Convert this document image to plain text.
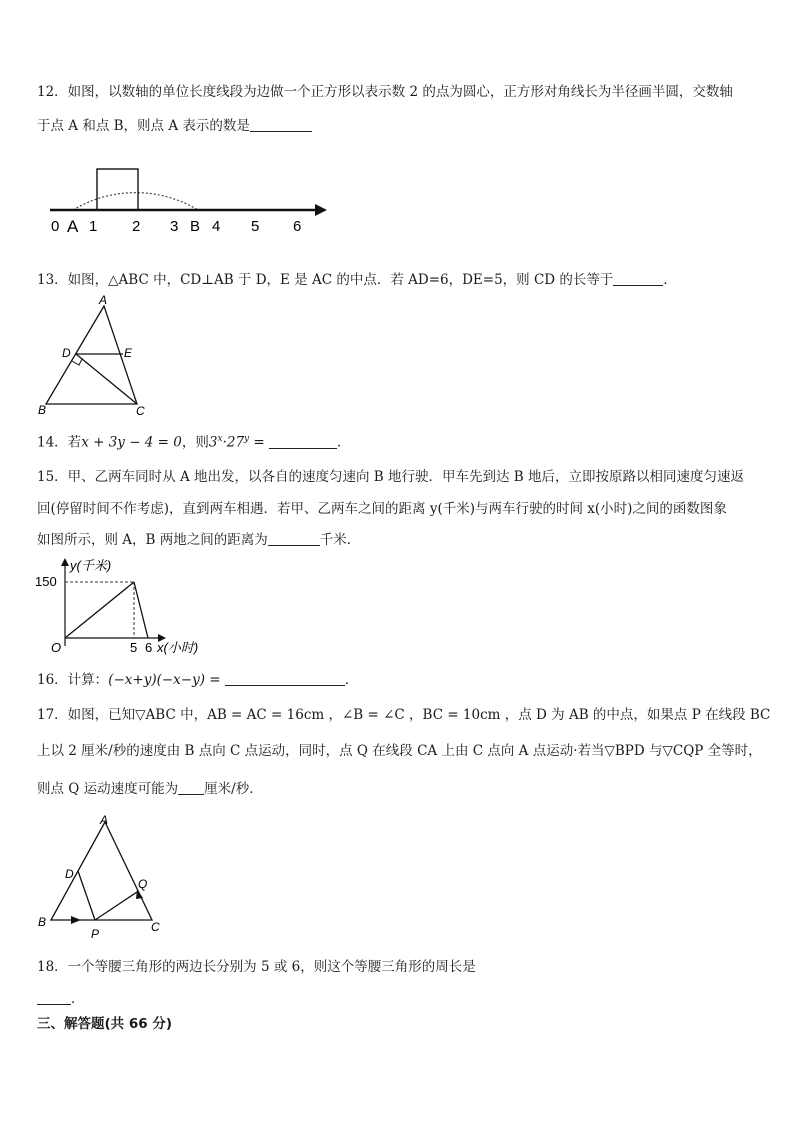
12．如图，以数轴的单位长度线段为边做一个正方形以表示数 2 的点为圆心，正方形对角线长为半径画半圆，交数轴
于点 A 和点 B，则点 A 表示的数是
0 A 1 2 3 B 4 5 6
13．如图，△ABC 中，CD⊥AB 于 D，E 是 AC 的中点．若 AD=6，DE=5，则 CD 的长等于	．
A
D	E
B	C
14．若x + 3y − 4 = 0，则$3^x\cdot 27^y$ =	．
15．甲、乙两车同时从 A 地出发，以各自的速度匀速向 B 地行驶．甲车先到达 B 地后，立即按原路以相同速度匀速返
回(停留时间不作考虑)，直到两车相遇．若甲、乙两车之间的距离 y(千米)与两车行驶的时间 x(小时)之间的函数图象
如图所示，则 A，B 两地之间的距离为	千米．
y(千米)
150
O	5 6 x(小时)
16．计算：(−x+y)(−x−y) =	．
17．如图，已知▽ABC 中，AB = AC = 16cm ，∠B = ∠C ，BC = 10cm ，点 D 为 AB 的中点，如果点 P 在线段 BC
上以 2 厘米/秒的速度由 B 点向 C 点运动，同时，点 Q 在线段 CA 上由 C 点向 A 点运动·若当▽BPD 与▽CQP 全等时，
则点 Q 运动速度可能为 厘米/秒．
A
D
Q
B	C
P
18．一个等腰三角形的两边长分别为 5 或 6，则这个等腰三角形的周长是
．
三、解答题(共 66 分)
